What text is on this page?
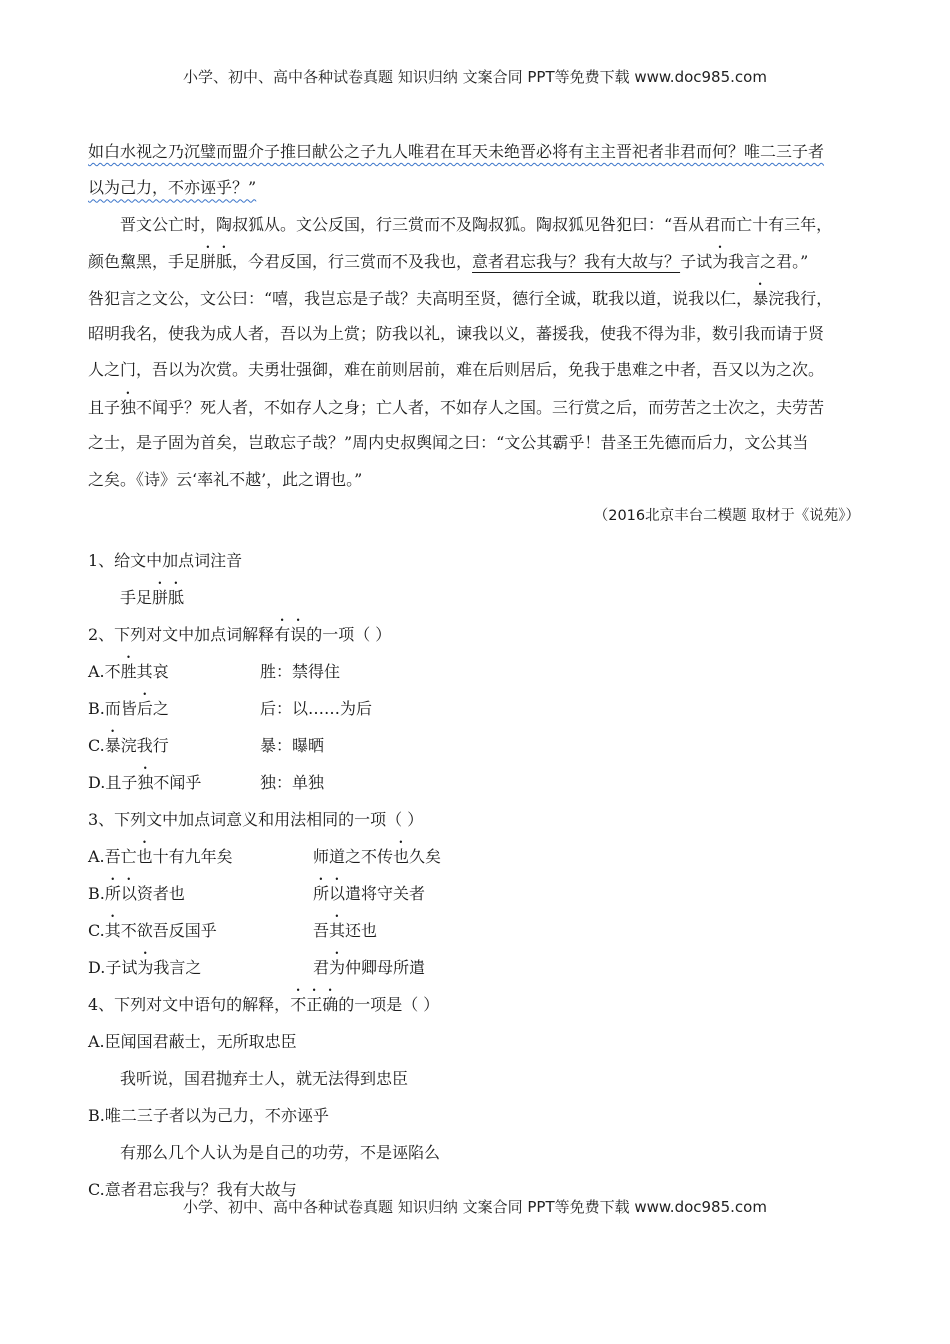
小学、初中、高中各种试卷真题 知识归纳 文案合同 PPT等免费下载 www.doc985.com
如白水视之乃沉璧而盟介子推曰献公之子九人唯君在耳天未绝晋必将有主主晋祀者非君而何？唯二三子者
以为己力，不亦诬乎？”
晋文公亡时，陶叔狐从。文公反国，行三赏而不及陶叔狐。陶叔狐见咎犯曰：“吾从君而亡十有三年，
颜色黧黑，手足胼胝，今君反国，行三赏而不及我也，意者君忘我与？我有大故与？子试为我言之君。”
咎犯言之文公，文公曰：“嘻，我岂忘是子哉？夫高明至贤，德行全诚，耽我以道，说我以仁，暴浣我行，
昭明我名，使我为成人者，吾以为上赏；防我以礼，谏我以义，蕃援我，使我不得为非，数引我而请于贤
人之门，吾以为次赏。夫勇壮强御，难在前则居前，难在后则居后，免我于患难之中者，吾又以为之次。
且子独不闻乎？死人者，不如存人之身；亡人者，不如存人之国。三行赏之后，而劳苦之士次之，夫劳苦
之士，是子固为首矣，岂敢忘子哉？”周内史叔舆闻之曰：“文公其霸乎！昔圣王先德而后力，文公其当
之矣。《诗》云‘率礼不越’，此之谓也。”
（2016北京丰台二模题 取材于《说苑》）
1、给文中加点词注音
手足胼胝
2、下列对文中加点词解释有误的一项（ ）
A.不胜其哀	胜：禁得住
B.而皆后之	后：以……为后
C.暴浣我行	暴：曝晒
D.且子独不闻乎	独：单独
3、下列文中加点词意义和用法相同的一项（ ）
A.吾亡也十有九年矣	师道之不传也久矣
B.所以资者也	所以遣将守关者
C.其不欲吾反国乎	吾其还也
D.子试为我言之	君为仲卿母所遣
4、下列对文中语句的解释，不正确的一项是（ ）
A.臣闻国君蔽士，无所取忠臣
我听说，国君抛弃士人，就无法得到忠臣
B.唯二三子者以为己力，不亦诬乎
有那么几个人认为是自己的功劳，不是诬陷么
C.意者君忘我与？我有大故与
小学、初中、高中各种试卷真题 知识归纳 文案合同 PPT等免费下载 www.doc985.com
